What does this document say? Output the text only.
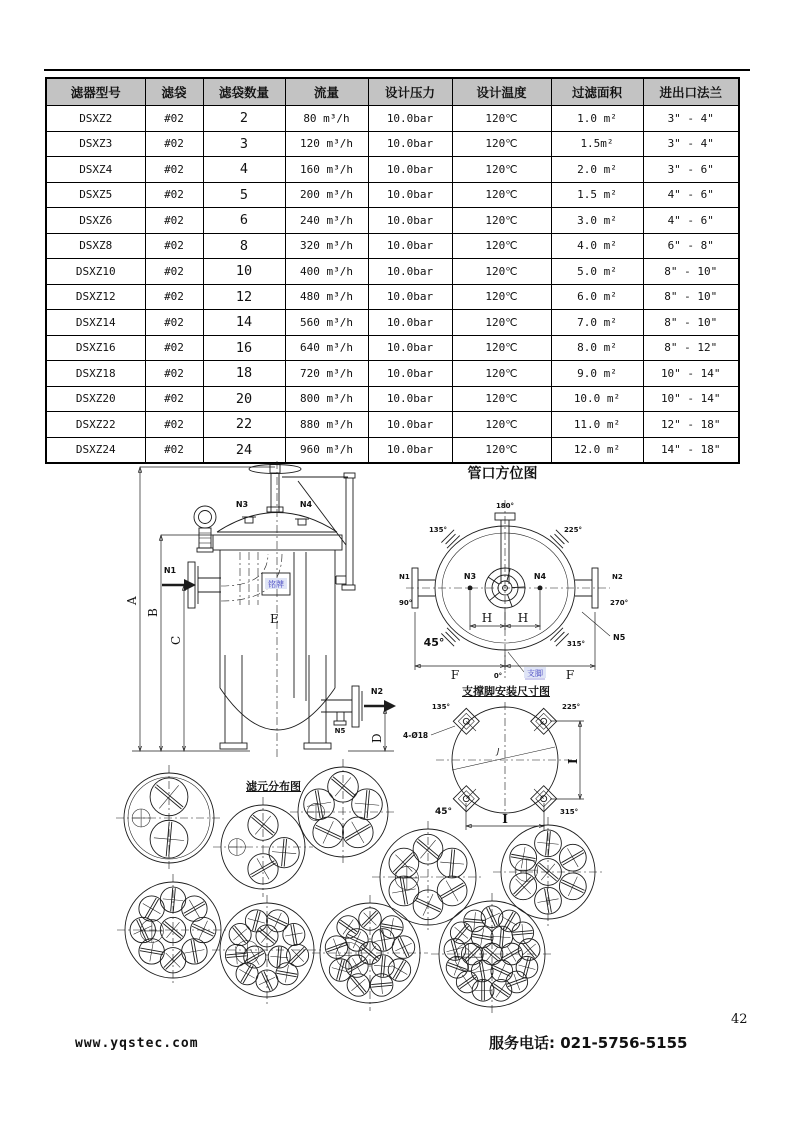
滤器型号	滤袋	滤袋数量	流量	设计压力	设计温度	过滤面积	进出口法兰
DSXZ2	#02	2	80 m³/h	10.0bar	120℃	1.0 m²	3" - 4"
DSXZ3	#02	3	120 m³/h	10.0bar	120℃	1.5m²	3" - 4"
DSXZ4	#02	4	160 m³/h	10.0bar	120℃	2.0 m²	3" - 6"
DSXZ5	#02	5	200 m³/h	10.0bar	120℃	1.5 m²	4" - 6"
DSXZ6	#02	6	240 m³/h	10.0bar	120℃	3.0 m²	4" - 6"
DSXZ8	#02	8	320 m³/h	10.0bar	120℃	4.0 m²	6" - 8"
DSXZ10	#02	10	400 m³/h	10.0bar	120℃	5.0 m²	8" - 10"
DSXZ12	#02	12	480 m³/h	10.0bar	120℃	6.0 m²	8" - 10"
DSXZ14	#02	14	560 m³/h	10.0bar	120℃	7.0 m²	8" - 10"
DSXZ16	#02	16	640 m³/h	10.0bar	120℃	8.0 m²	8" - 12"
DSXZ18	#02	18	720 m³/h	10.0bar	120℃	9.0 m²	10" - 14"
DSXZ20	#02	20	800 m³/h	10.0bar	120℃	10.0 m²	10" - 14"
DSXZ22	#02	22	880 m³/h	10.0bar	120℃	11.0 m²	12" - 18"
DSXZ24	#02	24	960 m³/h	10.0bar	120℃	12.0 m²	14" - 18"
N3	N4
N1
铭牌
E
N2
N5
A
B
C
D
管口方位图
180°
135°	225°
45°	315°
N1
90°
N2
270°
N3	N4
H H
F	F
0°	支脚
N5
支撑脚安装尺寸图
135°	225°
45°	315°
4-Ø18
J
I
I
滤元分布图
www.yqstec.com	服务电话: 021-5756-5155
42
